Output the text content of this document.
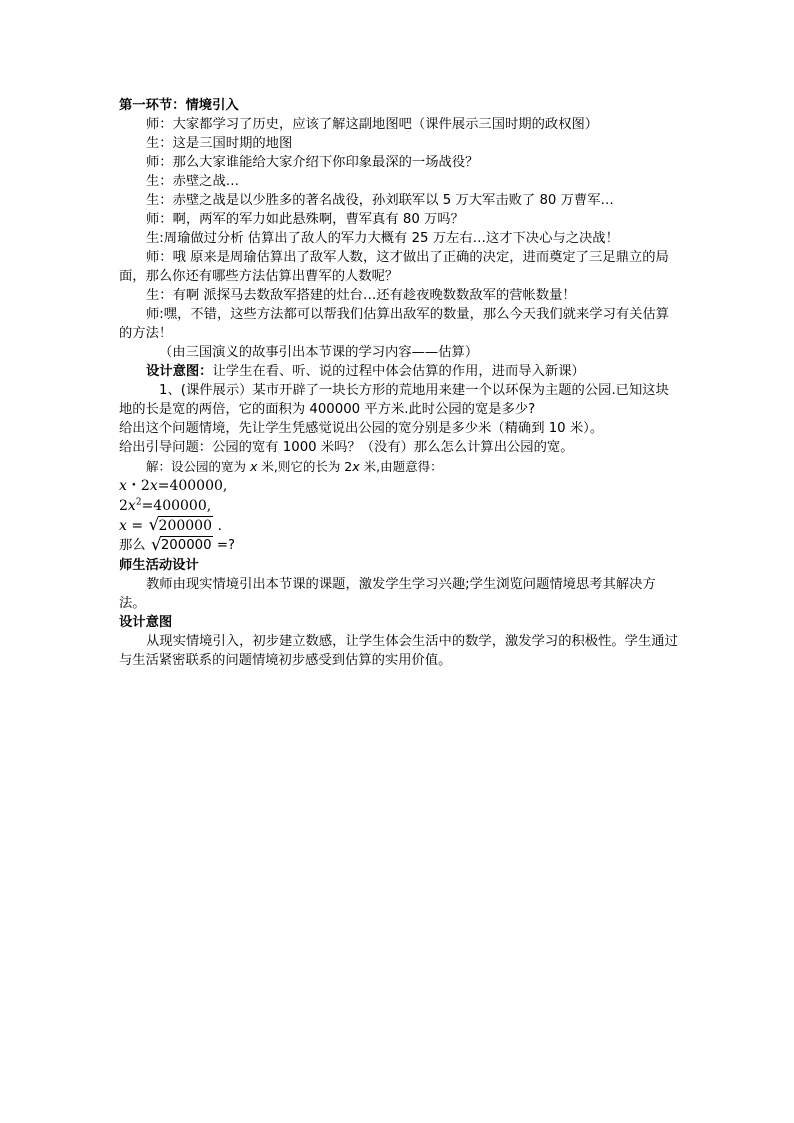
第一环节：情境引入

师：大家都学习了历史，应该了解这副地图吧（课件展示三国时期的政权图）

生：这是三国时期的地图

师：那么大家谁能给大家介绍下你印象最深的一场战役？

生：赤壁之战…

生：赤壁之战是以少胜多的著名战役，孙刘联军以 5 万大军击败了 80 万曹军…

师：啊，两军的军力如此悬殊啊，曹军真有 80 万吗？

生:周瑜做过分析 估算出了敌人的军力大概有 25 万左右…这才下决心与之决战！

师：哦 原来是周瑜估算出了敌军人数，这才做出了正确的决定，进而奠定了三足鼎立的局面，那么你还有哪些方法估算出曹军的人数呢？

生：有啊 派探马去数敌军搭建的灶台…还有趁夜晚数数敌军的营帐数量！

师:嘿，不错，这些方法都可以帮我们估算出敌军的数量，那么今天我们就来学习有关估算的方法！

（由三国演义的故事引出本节课的学习内容——估算）

设计意图：让学生在看、听、说的过程中体会估算的作用，进而导入新课）

1、(课件展示）某市开辟了一块长方形的荒地用来建一个以环保为主题的公园.已知这块地的长是宽的两倍，它的面积为 400000 平方米.此时公园的宽是多少?

给出这个问题情境，先让学生凭感觉说出公园的宽分别是多少米（精确到 10 米）。

给出引导问题：公园的宽有 1000 米吗？（没有）那么怎么计算出公园的宽。

解：设公园的宽为 x 米,则它的长为 2x 米,由题意得：

x・2x=400000,

$2x^2=400000$,

x = √ 200000 .

那么 √ 200000 =?

师生活动设计

教师由现实情境引出本节课的课题，激发学生学习兴趣;学生浏览问题情境思考其解决方法。

设计意图

从现实情境引入，初步建立数感，让学生体会生活中的数学，激发学习的积极性。学生通过与生活紧密联系的问题情境初步感受到估算的实用价值。
